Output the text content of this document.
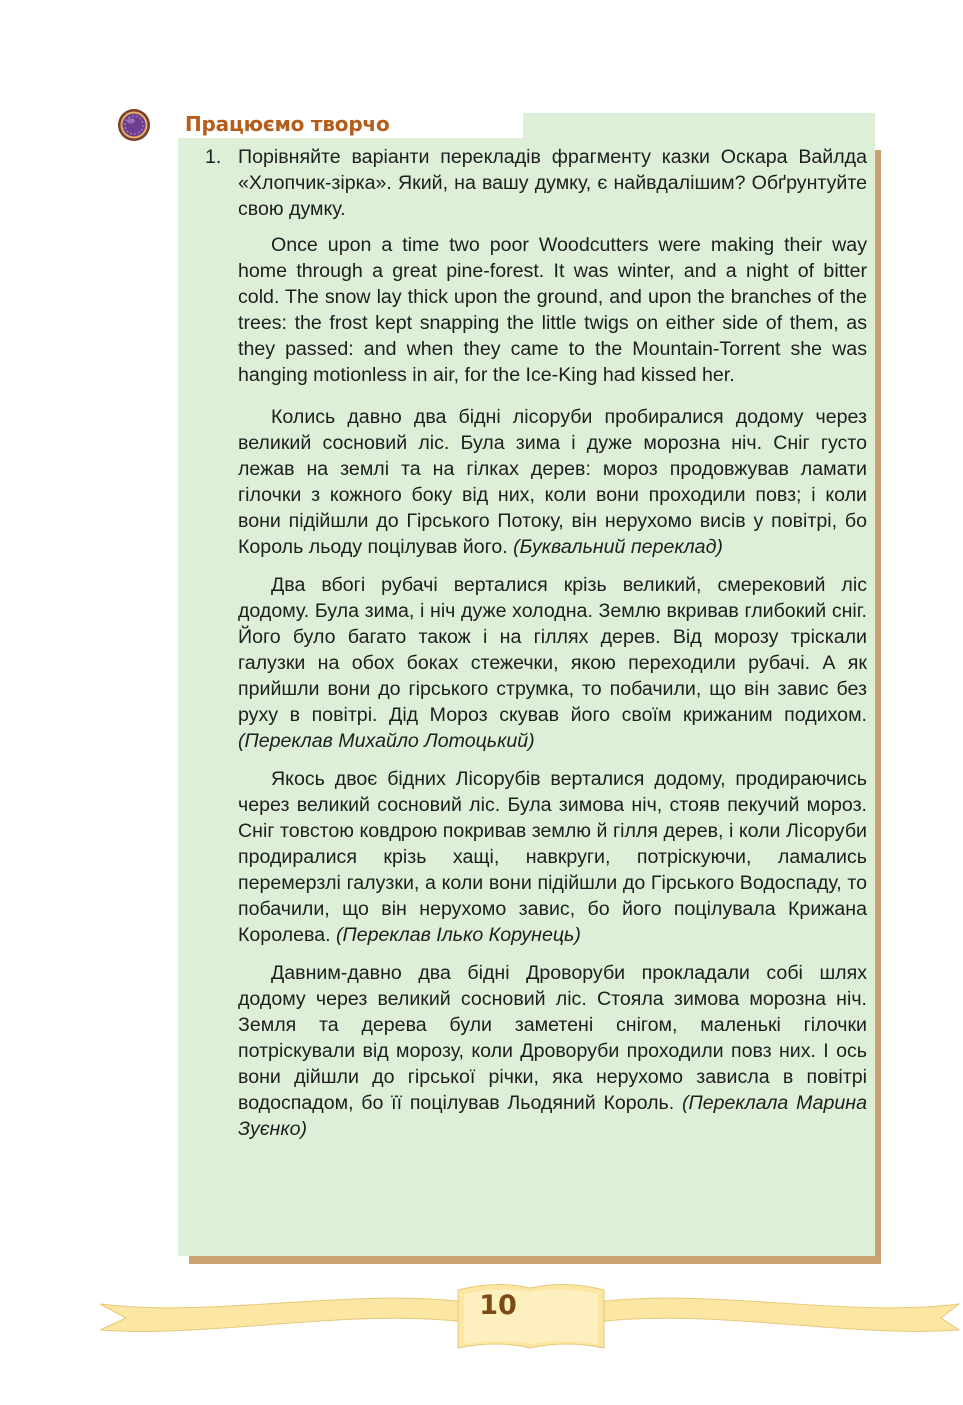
Працюємо творчо
1. Порівняйте варіанти перекладів фрагменту казки Оскара Вайлда «Хлопчик-зірка». Який, на вашу думку, є найвдалішим? Обґрунтуйте свою думку.

Once upon a time two poor Woodcutters were making their way home through a great pine-forest. It was winter, and a night of bitter cold. The snow lay thick upon the ground, and upon the branches of the trees: the frost kept snapping the little twigs on either side of them, as they passed: and when they came to the Mountain-Torrent she was hanging motionless in air, for the Ice-King had kissed her.

Колись давно два бідні лісоруби пробиралися додому через великий сосновий ліс. Була зима і дуже морозна ніч. Сніг густо лежав на землі та на гілках дерев: мороз продовжував ламати гілочки з кожного боку від них, коли вони проходили повз; і коли вони підійшли до Гірського Потоку, він нерухомо висів у повітрі, бо Король льоду поцілував його. (Буквальний переклад)

Два вбогі рубачі верталися крізь великий, смерековий ліс додому. Була зима, і ніч дуже холодна. Землю вкривав глибокий сніг. Його було багато також і на гіллях дерев. Від морозу тріскали галузки на обох боках стежечки, якою переходили рубачі. А як прийшли вони до гірського струмка, то побачили, що він завис без руху в повітрі. Дід Мороз скував його своїм крижаним подихом. (Переклав Михайло Лотоцький)

Якось двоє бідних Лісорубів верталися додому, продираючись через великий сосновий ліс. Була зимова ніч, стояв пекучий мороз. Сніг товстою ковдрою покривав землю й гілля дерев, і коли Лісоруби продиралися крізь хащі, навкруги, потріскуючи, ламались перемерзлі галузки, а коли вони підійшли до Гірського Водоспаду, то побачили, що він нерухомо завис, бо його поцілувала Крижана Королева. (Переклав Ілько Корунець)

Давним-давно два бідні Дроворуби прокладали собі шлях додому через великий сосновий ліс. Стояла зимова морозна ніч. Земля та дерева були заметені снігом, маленькі гілочки потріскували від морозу, коли Дроворуби проходили повз них. І ось вони дійшли до гірської річки, яка нерухомо зависла в повітрі водоспадом, бо її поцілував Льодяний Король. (Переклала Марина Зуєнко)

10
